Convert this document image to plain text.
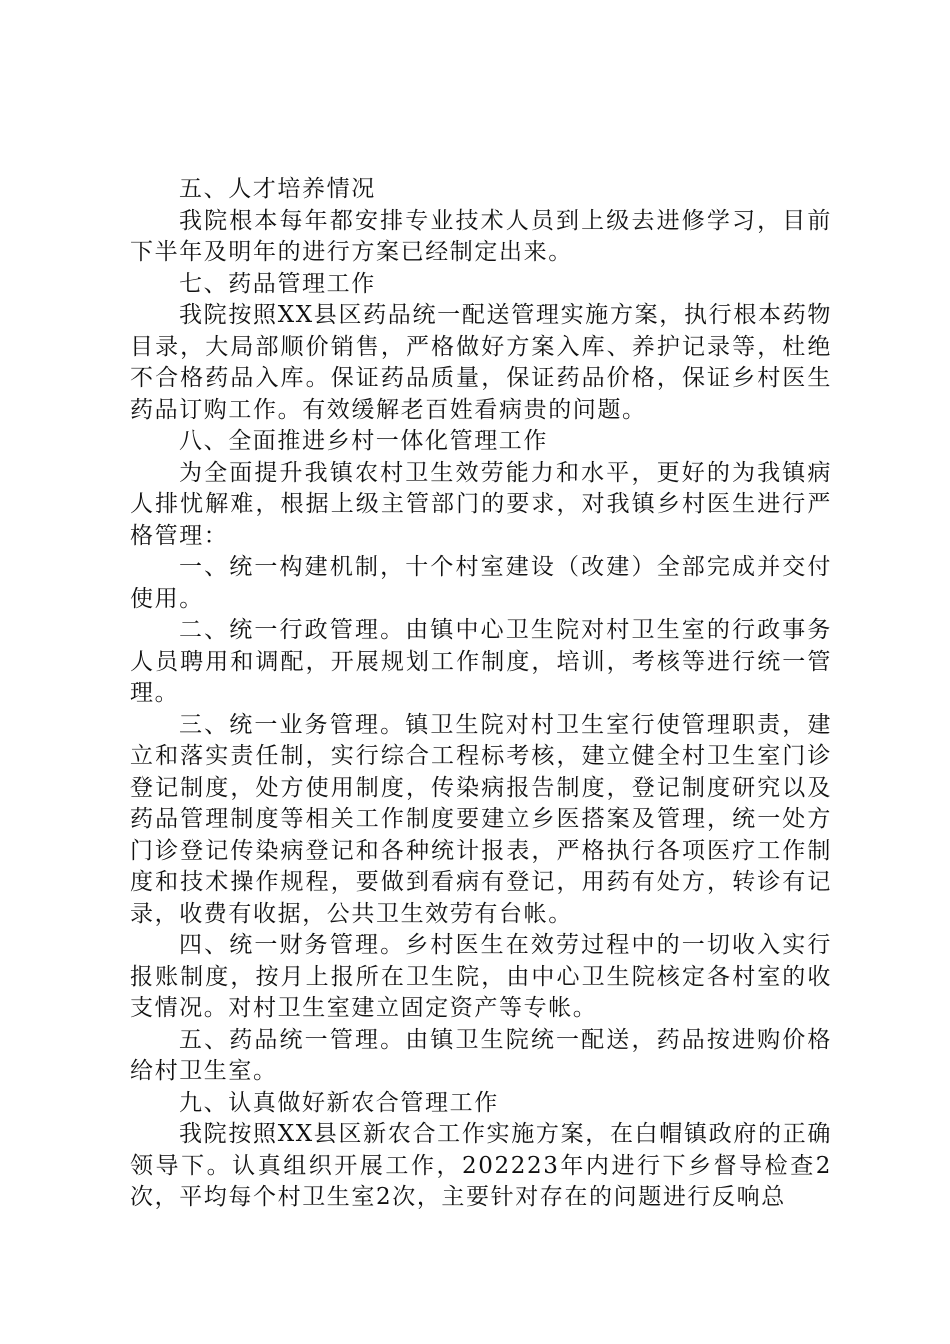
五、人才培养情况

我院根本每年都安排专业技术人员到上级去进修学习，目前下半年及明年的进行方案已经制定出来。

七、药品管理工作

我院按照XX县区药品统一配送管理实施方案，执行根本药物目录，大局部顺价销售，严格做好方案入库、养护记录等，杜绝不合格药品入库。保证药品质量，保证药品价格，保证乡村医生药品订购工作。有效缓解老百姓看病贵的问题。

八、全面推进乡村一体化管理工作

为全面提升我镇农村卫生效劳能力和水平，更好的为我镇病人排忧解难，根据上级主管部门的要求，对我镇乡村医生进行严格管理：

一、统一构建机制，十个村室建设（改建）全部完成并交付使用。

二、统一行政管理。由镇中心卫生院对村卫生室的行政事务人员聘用和调配，开展规划工作制度，培训，考核等进行统一管理。

三、统一业务管理。镇卫生院对村卫生室行使管理职责，建立和落实责任制，实行综合工程标考核，建立健全村卫生室门诊登记制度，处方使用制度，传染病报告制度，登记制度研究以及药品管理制度等相关工作制度要建立乡医搭案及管理，统一处方门诊登记传染病登记和各种统计报表，严格执行各项医疗工作制度和技术操作规程，要做到看病有登记，用药有处方，转诊有记录，收费有收据，公共卫生效劳有台帐。

四、统一财务管理。乡村医生在效劳过程中的一切收入实行报账制度，按月上报所在卫生院，由中心卫生院核定各村室的收支情况。对村卫生室建立固定资产等专帐。

五、药品统一管理。由镇卫生院统一配送，药品按进购价格给村卫生室。

九、认真做好新农合管理工作

我院按照XX县区新农合工作实施方案，在白帽镇政府的正确领导下。认真组织开展工作，202223年内进行下乡督导检查2次，平均每个村卫生室2次，主要针对存在的问题进行反响总
